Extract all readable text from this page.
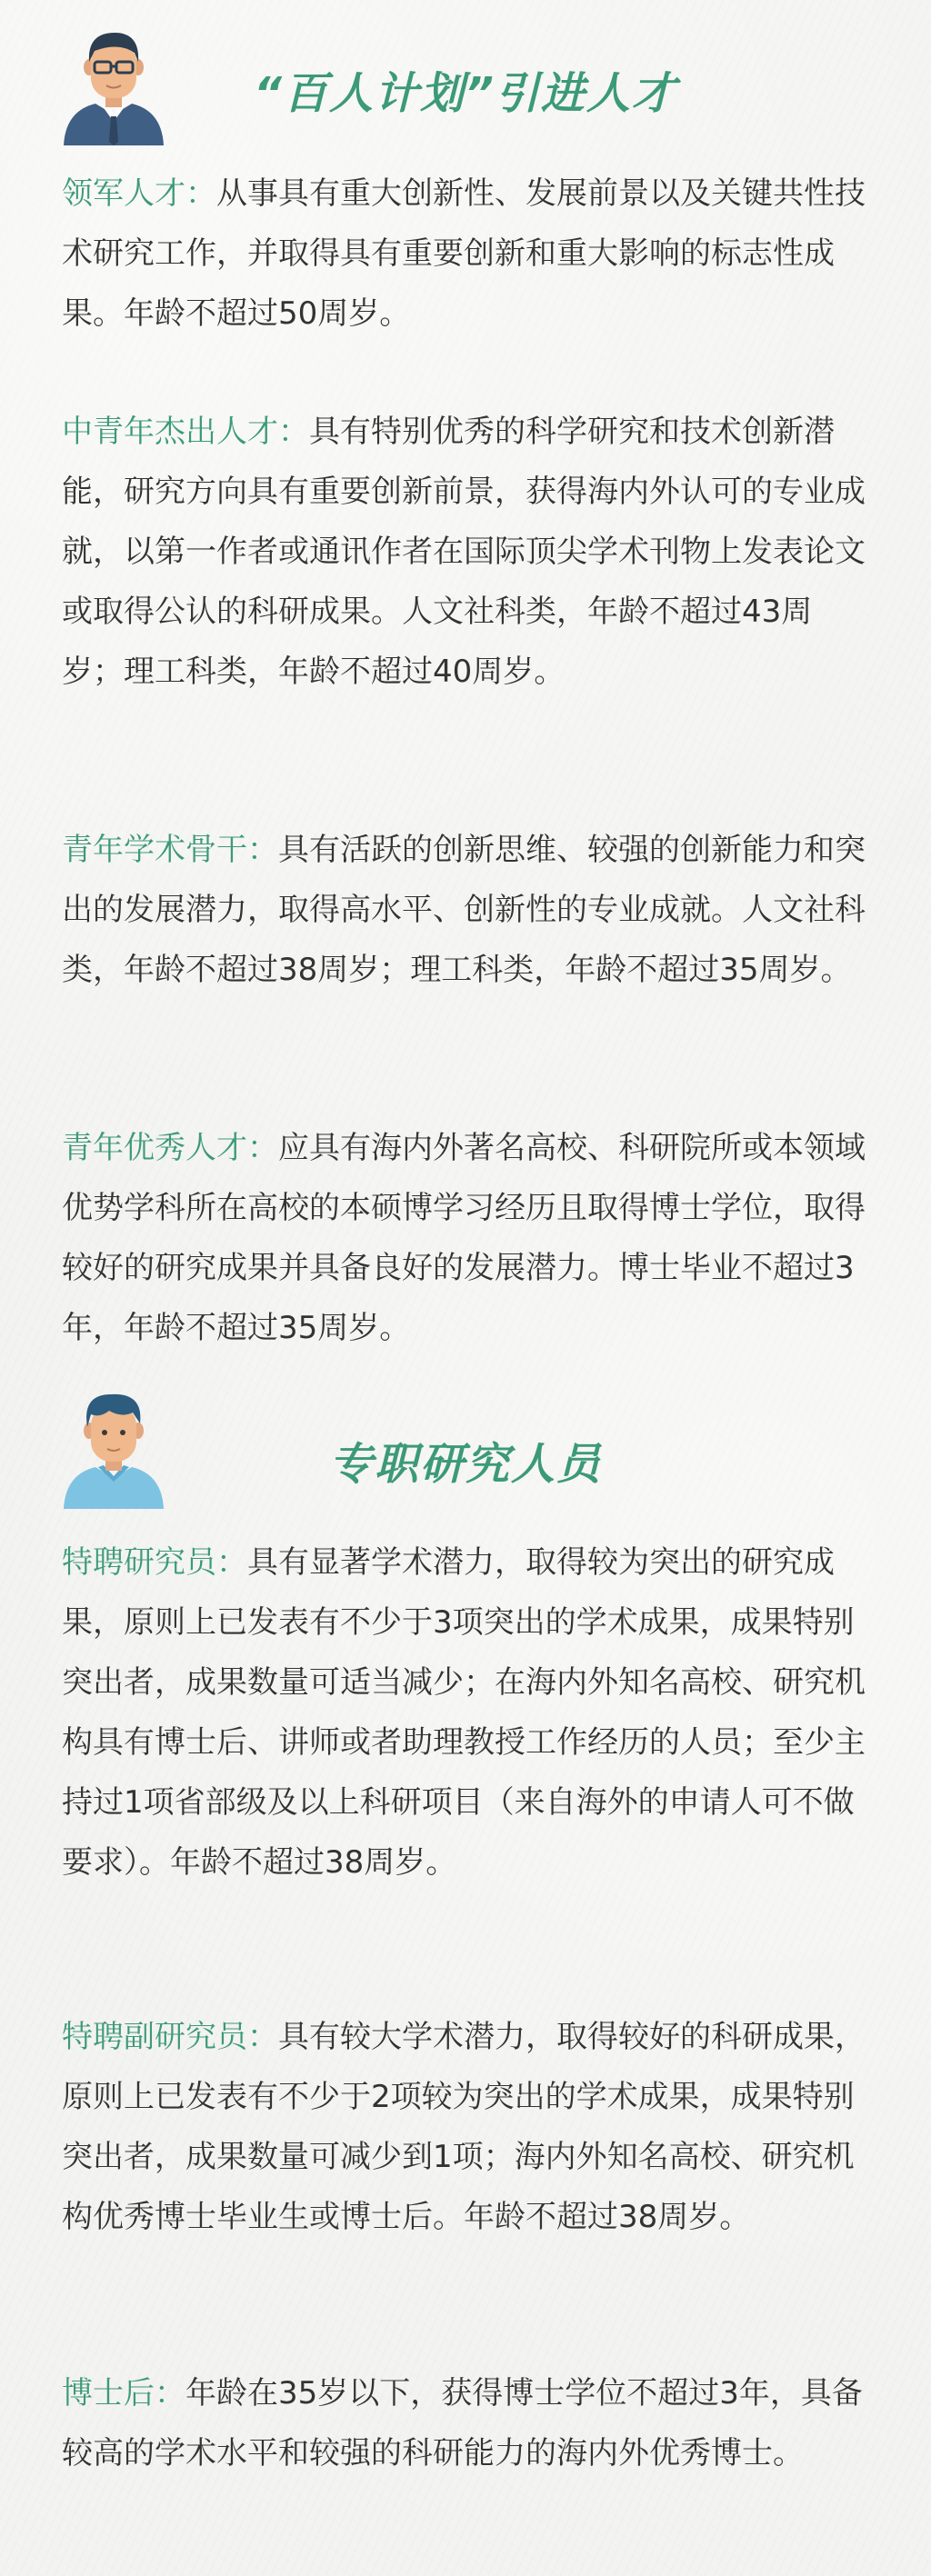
“百人计划”引进人才

领军人才：从事具有重大创新性、发展前景以及关键共性技术研究工作，并取得具有重要创新和重大影响的标志性成果。年龄不超过50周岁。

中青年杰出人才：具有特别优秀的科学研究和技术创新潜能，研究方向具有重要创新前景，获得海内外认可的专业成就，以第一作者或通讯作者在国际顶尖学术刊物上发表论文或取得公认的科研成果。人文社科类，年龄不超过43周岁；理工科类，年龄不超过40周岁。

青年学术骨干：具有活跃的创新思维、较强的创新能力和突出的发展潜力，取得高水平、创新性的专业成就。人文社科类，年龄不超过38周岁；理工科类，年龄不超过35周岁。

青年优秀人才：应具有海内外著名高校、科研院所或本领域优势学科所在高校的本硕博学习经历且取得博士学位，取得较好的研究成果并具备良好的发展潜力。博士毕业不超过3年，年龄不超过35周岁。

专职研究人员

特聘研究员：具有显著学术潜力，取得较为突出的研究成果，原则上已发表有不少于3项突出的学术成果，成果特别突出者，成果数量可适当减少；在海内外知名高校、研究机构具有博士后、讲师或者助理教授工作经历的人员；至少主持过1项省部级及以上科研项目（来自海外的申请人可不做要求）。年龄不超过38周岁。

特聘副研究员：具有较大学术潜力，取得较好的科研成果，原则上已发表有不少于2项较为突出的学术成果，成果特别突出者，成果数量可减少到1项；海内外知名高校、研究机构优秀博士毕业生或博士后。年龄不超过38周岁。

博士后：年龄在35岁以下，获得博士学位不超过3年，具备较高的学术水平和较强的科研能力的海内外优秀博士。
